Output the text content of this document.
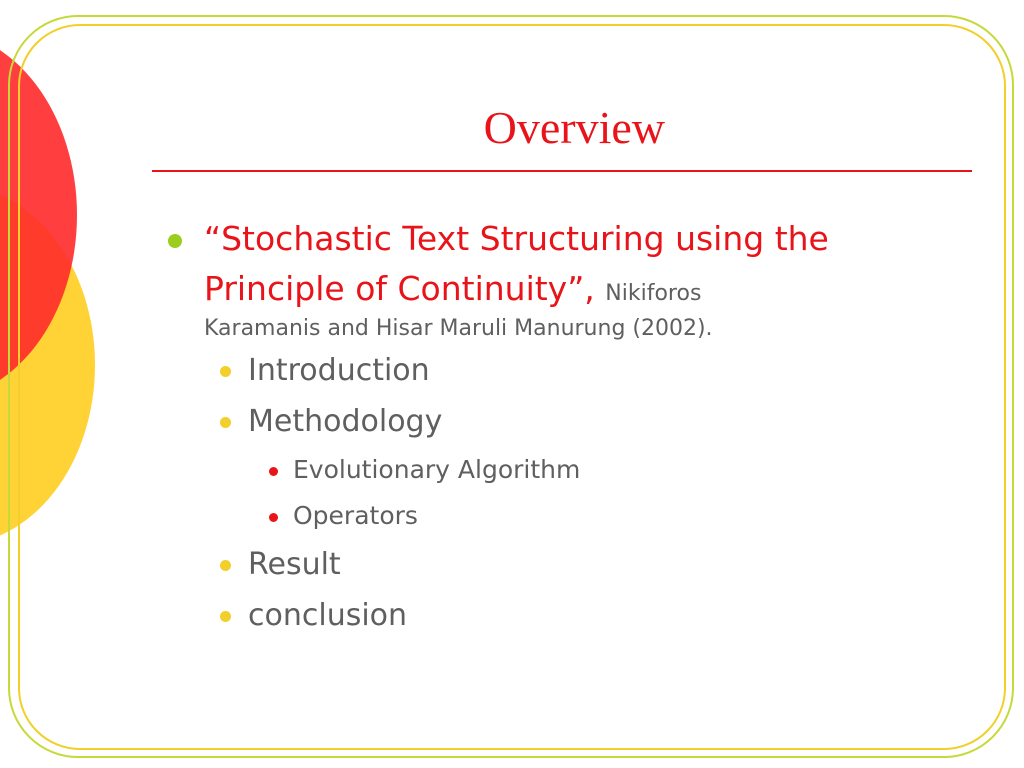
Overview
“Stochastic Text Structuring using the Principle of Continuity”, Nikiforos
Karamanis and Hisar Maruli Manurung (2002).
Introduction
Methodology
Evolutionary Algorithm
Operators
Result
conclusion
